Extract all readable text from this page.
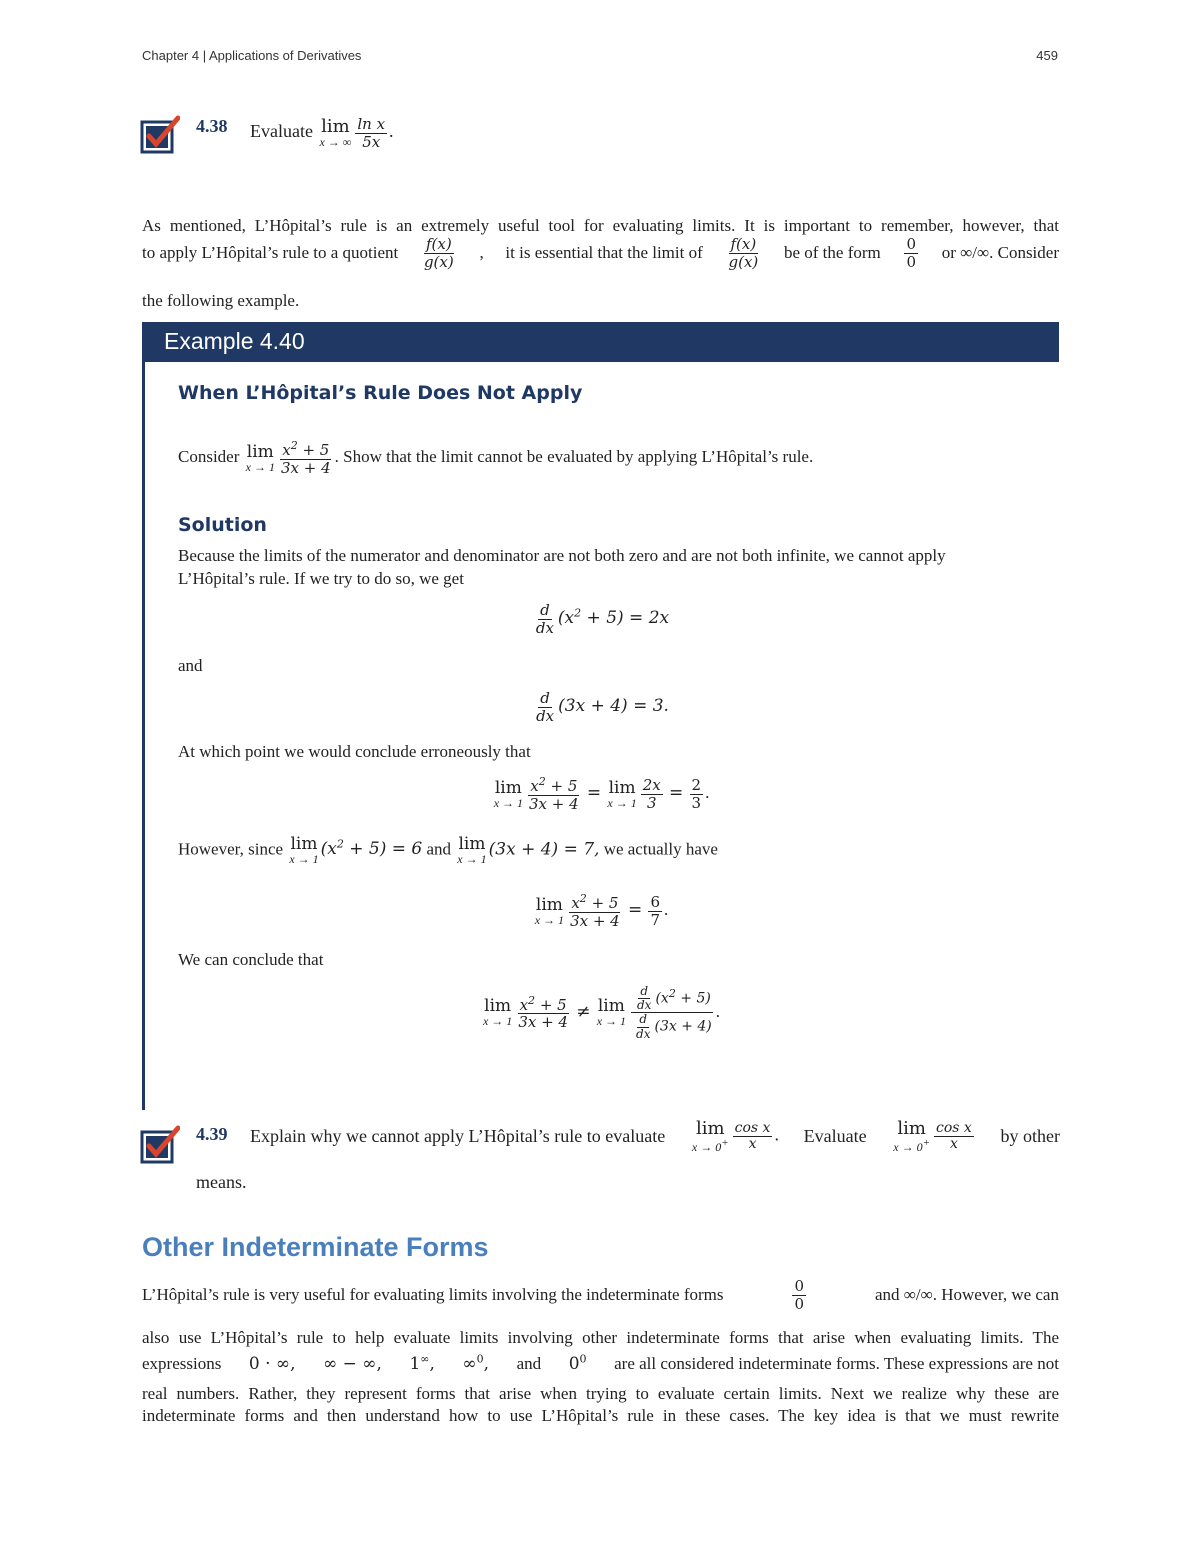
Chapter 4 | Applications of Derivatives	459
4.38 Evaluate lim
x → ∞ $\frac{\text{ln x}}{5x}$ .
As mentioned, L’Hôpital’s rule is an extremely useful tool for evaluating limits. It is important to remember, however, that
to apply L’Hôpital’s rule to a quotient $\frac{f(x)}{g(x)}$ , it is essential that the limit of $\frac{f(x)}{g(x)}$ be of the form $\frac{0}{0}$ or ∞/∞. Consider
the following example.
Example 4.40
When L’Hôpital’s Rule Does Not Apply
Consider lim
$x \to 1 \frac{x^2 + 5}{3x + 4}$ . Show that the limit cannot be evaluated by applying L’Hôpital’s rule.
Solution
Because the limits of the numerator and denominator are not both zero and are not both infinite, we cannot apply
L’Hôpital’s rule. If we try to do so, we get
$\frac{d}{dx} (x^2 + 5) = 2x$
and
$\frac{d}{dx} (3x + 4) = 3$.
At which point we would conclude erroneously that
lim
$x \to 1 \frac{x^2 + 5}{3x + 4} = \lim$
$x \to 1 \frac{2x}{3} = \frac{2}{3}$ .
However, since lim
x → 1 $(x^2 + 5) = 6$ and lim
x → 1 (3x + 4) = 7, we actually have
lim
$x \to 1 \frac{x^2 + 5}{3x + 4} = \frac{6}{7}$ .
We can conclude that
lim
$x \to 1 \frac{x^2 + 5}{3x + 4} \ne \lim$
$x \to 1 \frac{\frac{d}{dx} (x^2 + 5)}{\frac{d}{dx} (3x + 4)}$ .
4.39 Explain why we cannot apply L’Hôpital’s rule to evaluate lim
$x \to 0^+ \frac{\text{cos x}}{x}$ . Evaluate lim
$x \to 0^+ \frac{\text{cos x}}{x}$ by other
means.
Other Indeterminate Forms
L’Hôpital’s rule is very useful for evaluating limits involving the indeterminate forms	$\frac{0}{0}$	and ∞/∞. However, we can
also use L’Hôpital’s rule to help evaluate limits involving other indeterminate forms that arise when evaluating limits. The
expressions 0 · ∞, ∞ − ∞, 1∞, ∞$^0$, and $0^0$ are all considered indeterminate forms. These expressions are not
real numbers. Rather, they represent forms that arise when trying to evaluate certain limits. Next we realize why these are
indeterminate forms and then understand how to use L’Hôpital’s rule in these cases. The key idea is that we must rewrite
